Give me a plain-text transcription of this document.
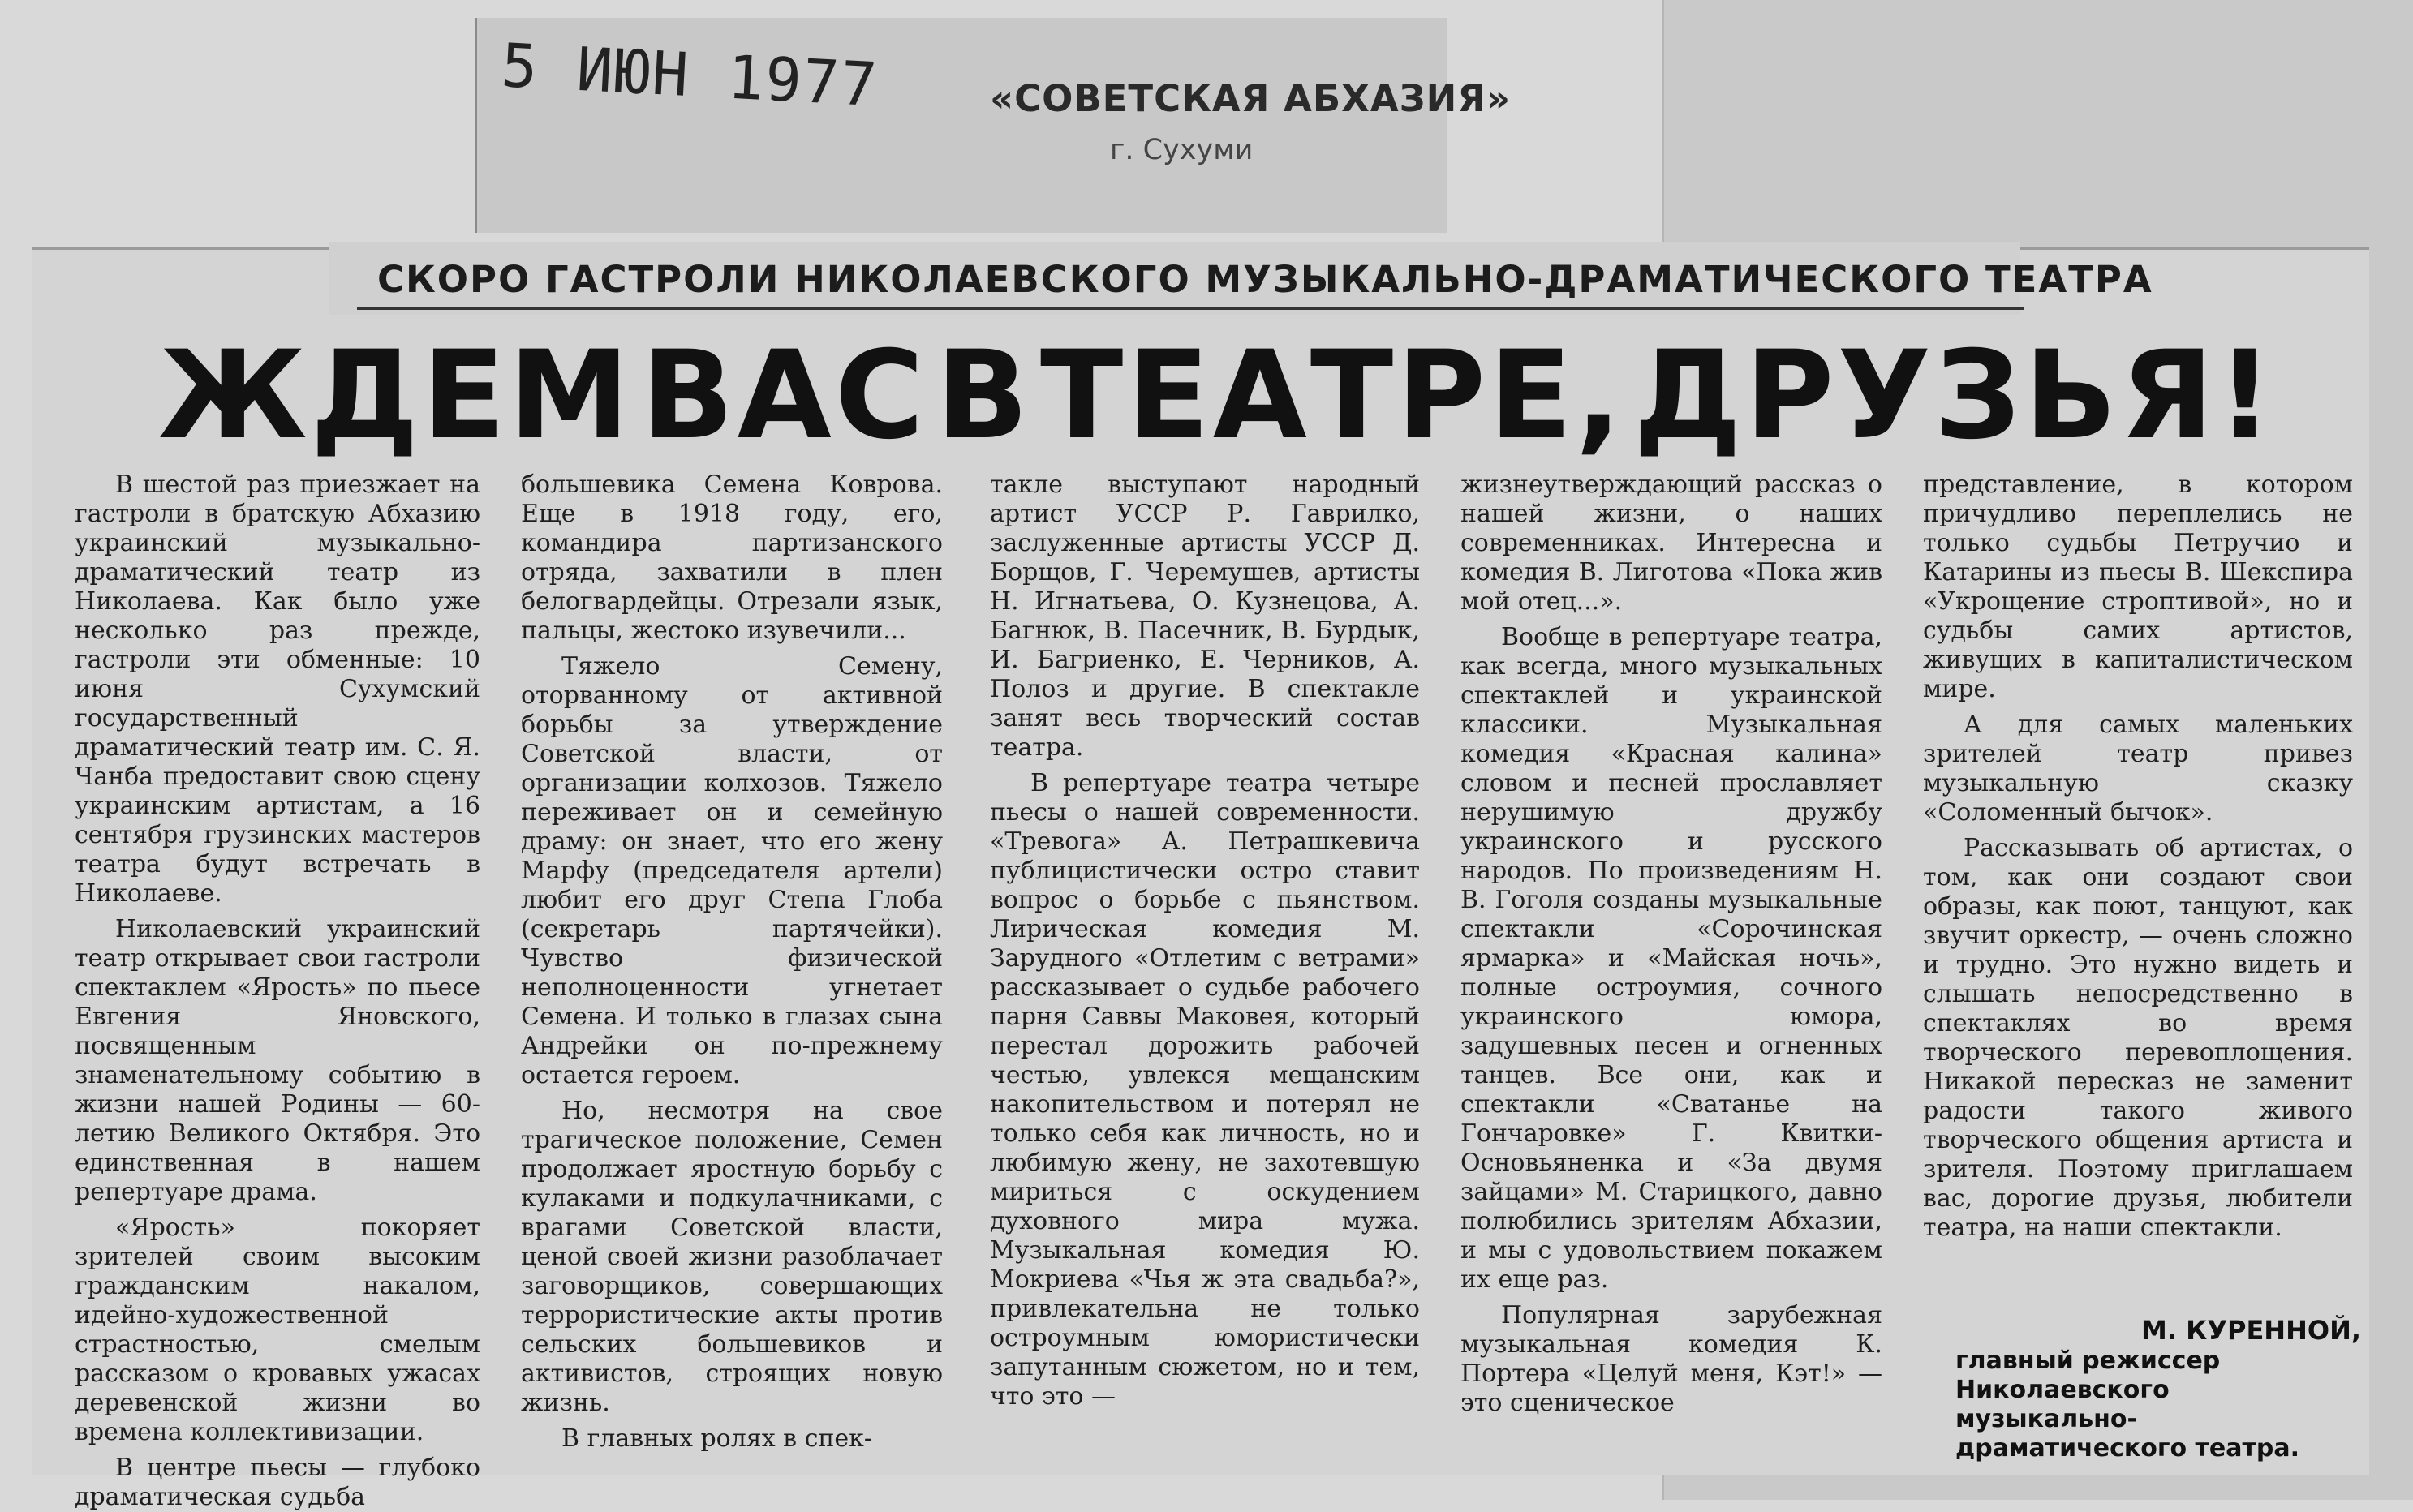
5 ИЮН 1977	«СОВЕТСКАЯ АБХАЗИЯ»
г. Сухуми
СКОРО ГАСТРОЛИ НИКОЛАЕВСКОГО МУЗЫКАЛЬНО-ДРАМАТИЧЕСКОГО ТЕАТРА
ЖДЕМ ВАС В ТЕАТРЕ, ДРУЗЬЯ!

В шестой раз приезжает на гастроли в братскую Абхазию украинский музыкально-драматический театр из Николаева. Как было уже несколько раз прежде, гастроли эти обменные: 10 июня Сухумский государственный драматический театр им. С. Я. Чанба предоставит свою сцену украинским артистам, а 16 сентября грузинских мастеров театра будут встречать в Николаеве.

Николаевский украинский театр открывает свои гастроли спектаклем «Ярость» по пьесе Евгения Яновского, посвященным знаменательному событию в жизни нашей Родины — 60-летию Великого Октября. Это единственная в нашем репертуаре драма.

«Ярость» покоряет зрителей своим высоким гражданским накалом, идейно-художественной страстностью, смелым рассказом о кровавых ужасах деревенской жизни во времена коллективизации.

В центре пьесы — глубоко драматическая судьба

большевика Семена Коврова. Еще в 1918 году, его, командира партизанского отряда, захватили в плен белогвардейцы. Отрезали язык, пальцы, жестоко изувечили...

Тяжело Семену, оторванному от активной борьбы за утверждение Советской власти, от организации колхозов. Тяжело переживает он и семейную драму: он знает, что его жену Марфу (председателя артели) любит его друг Степа Глоба (секретарь партячейки). Чувство физической неполноценности угнетает Семена. И только в глазах сына Андрейки он по-прежнему остается героем.

Но, несмотря на свое трагическое положение, Семен продолжает яростную борьбу с кулаками и подкулачниками, с врагами Советской власти, ценой своей жизни разоблачает заговорщиков, совершающих террористические акты против сельских большевиков и активистов, строящих новую жизнь.

В главных ролях в спек-

такле выступают народный артист УССР Р. Гаврилко, заслуженные артисты УССР Д. Борщов, Г. Черемушев, артисты Н. Игнатьева, О. Кузнецова, А. Багнюк, В. Пасечник, В. Бурдык, И. Багриенко, Е. Черников, А. Полоз и другие. В спектакле занят весь творческий состав театра.

В репертуаре театра четыре пьесы о нашей современности. «Тревога» А. Петрашкевича публицистически остро ставит вопрос о борьбе с пьянством. Лирическая комедия М. Зарудного «Отлетим с ветрами» рассказывает о судьбе рабочего парня Саввы Маковея, который перестал дорожить рабочей честью, увлекся мещанским накопительством и потерял не только себя как личность, но и любимую жену, не захотевшую мириться с оскудением духовного мира мужа. Музыкальная комедия Ю. Мокриева «Чья ж эта свадьба?», привлекательна не только остроумным юмористически запутанным сюжетом, но и тем, что это —

жизнеутверждающий рассказ о нашей жизни, о наших современниках. Интересна и комедия В. Лиготова «Пока жив мой отец...».

Вообще в репертуаре театра, как всегда, много музыкальных спектаклей и украинской классики. Музыкальная комедия «Красная калина» словом и песней прославляет нерушимую дружбу украинского и русского народов. По произведениям Н. В. Гоголя созданы музыкальные спектакли «Сорочинская ярмарка» и «Майская ночь», полные остроумия, сочного украинского юмора, задушевных песен и огненных танцев. Все они, как и спектакли «Сватанье на Гончаровке» Г. Квитки-Основьяненка и «За двумя зайцами» М. Старицкого, давно полюбились зрителям Абхазии, и мы с удовольствием покажем их еще раз.

Популярная зарубежная музыкальная комедия К. Портера «Целуй меня, Кэт!» — это сценическое

представление, в котором причудливо переплелись не только судьбы Петручио и Катарины из пьесы В. Шекспира «Укрощение строптивой», но и судьбы самих артистов, живущих в капиталистическом мире.

А для самых маленьких зрителей театр привез музыкальную сказку «Соломенный бычок».

Рассказывать об артистах, о том, как они создают свои образы, как поют, танцуют, как звучит оркестр, — очень сложно и трудно. Это нужно видеть и слышать непосредственно в спектаклях во время творческого перевоплощения. Никакой пересказ не заменит радости такого живого творческого общения артиста и зрителя. Поэтому приглашаем вас, дорогие друзья, любители театра, на наши спектакли.

М. КУРЕННОЙ,
главный режиссер Николаевского музыкально-драматического театра.
